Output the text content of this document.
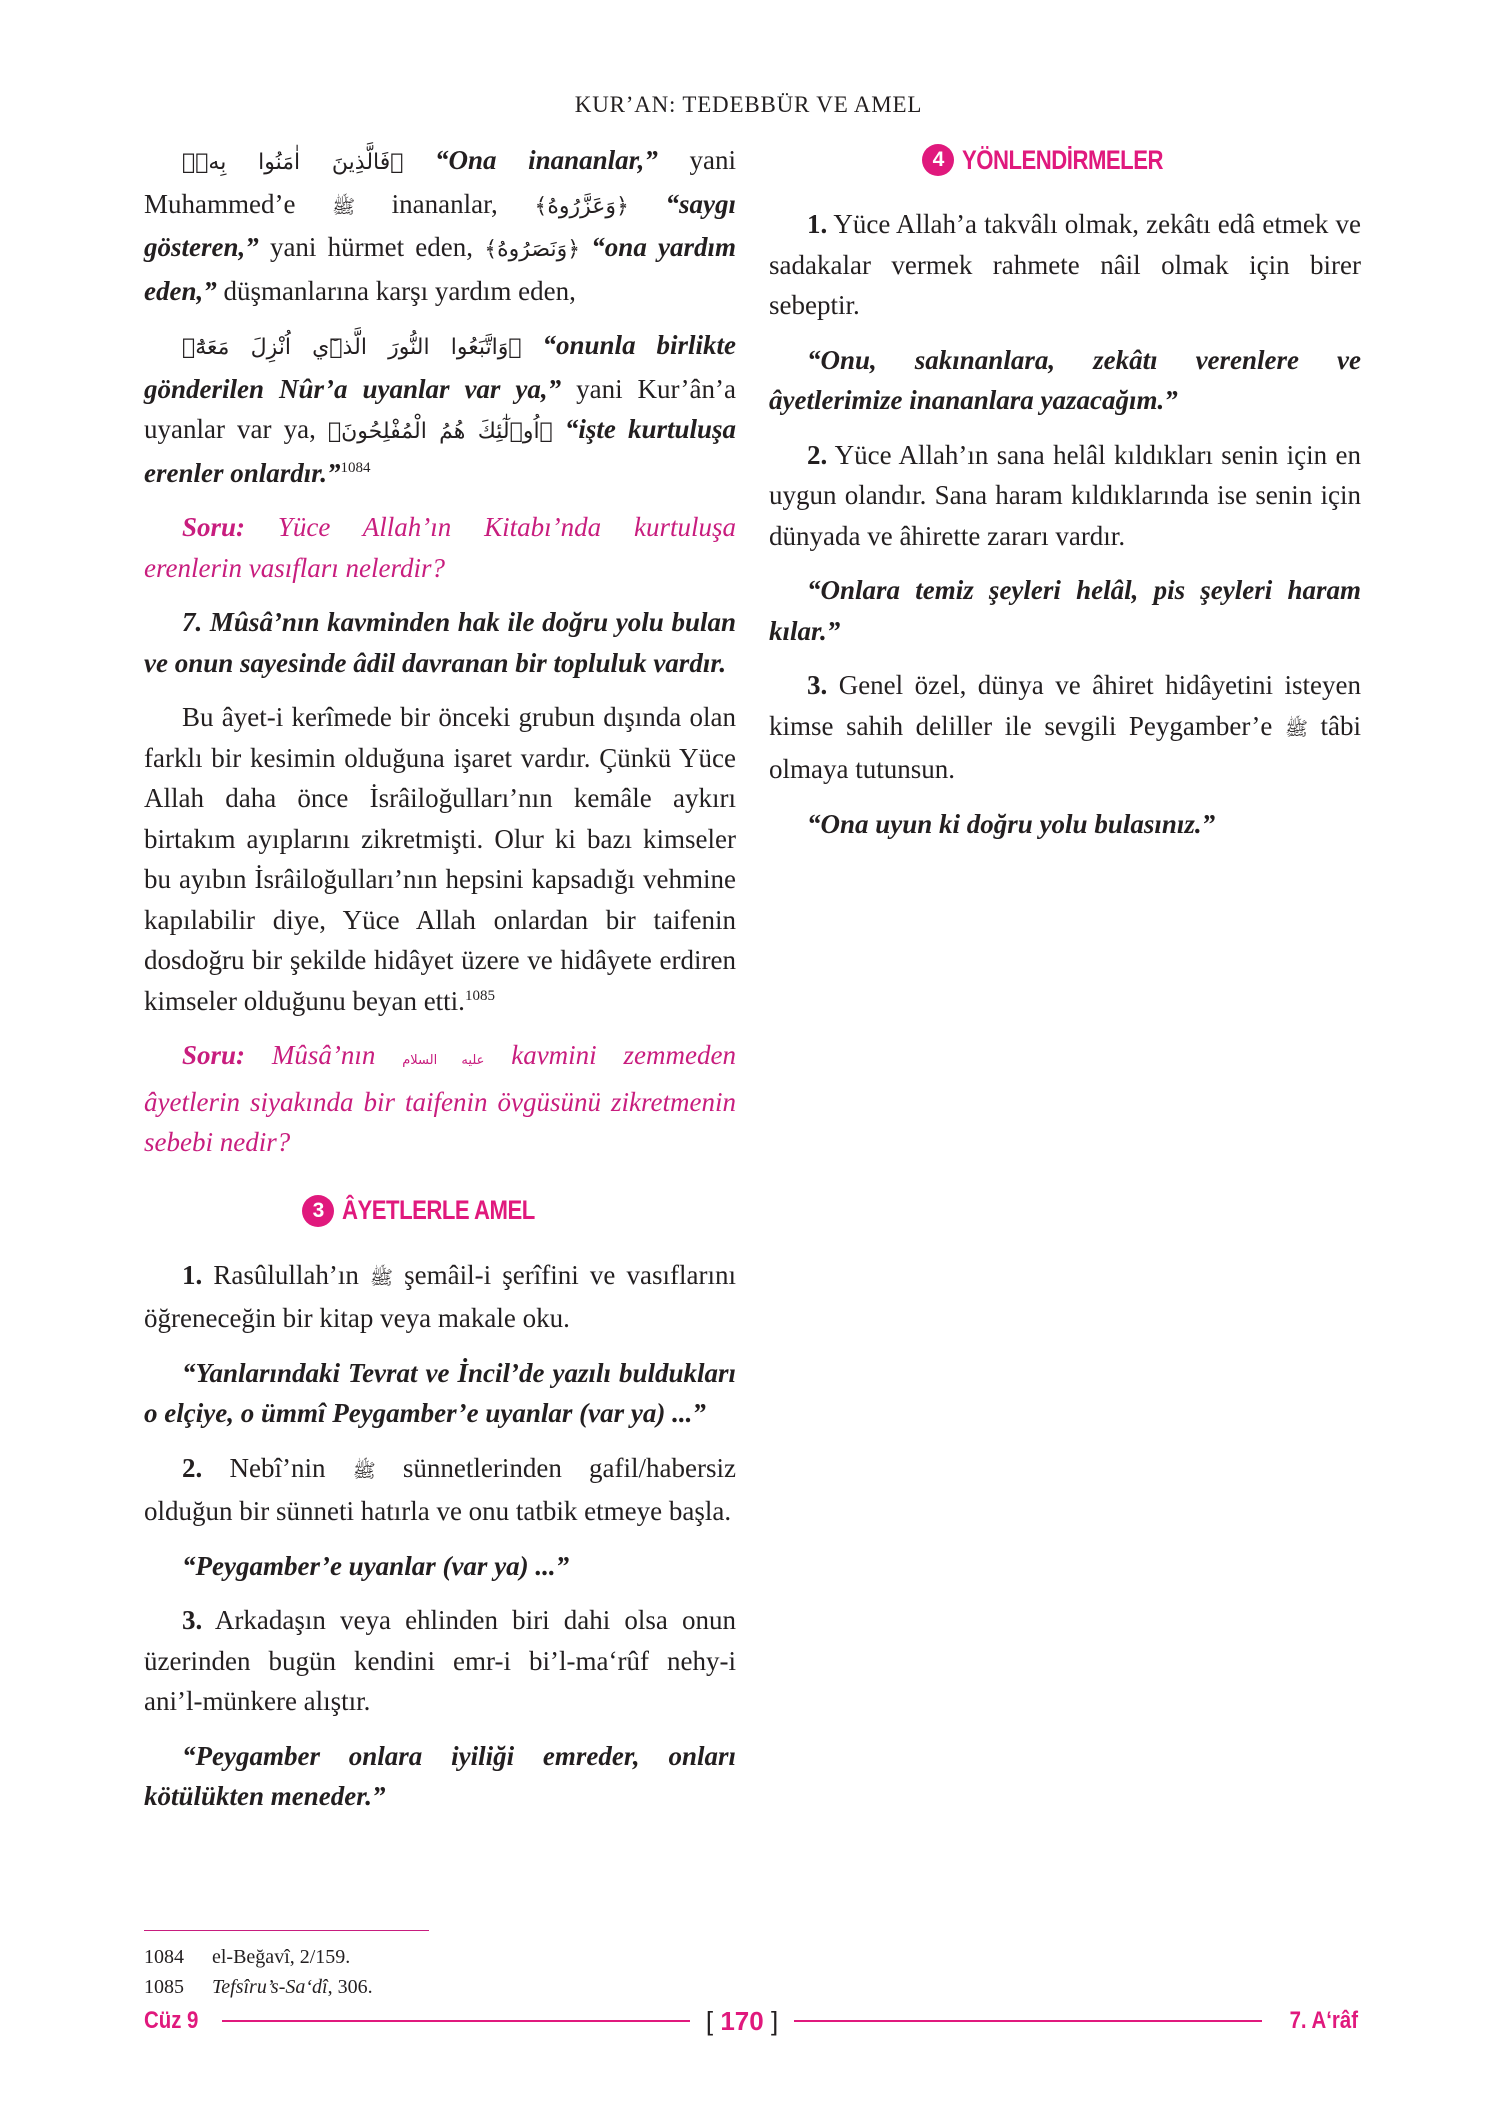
KUR’AN: TEDEBBÜR VE AMEL

﴿فَالَّذِينَ اٰمَنُوا بِهٖ﴾ “Ona inananlar,” yani Muhammed’e ﷺ inananlar, ﴿وَعَزَّرُوهُ﴾ “saygı gösteren,” yani hürmet eden, ﴿وَنَصَرُوهُ﴾ “ona yardım eden,” düşmanlarına karşı yardım eden,

﴿وَاتَّبَعُوا النُّورَ الَّذٖٓي اُنْزِلَ مَعَهُٓ﴾ “onunla birlikte gönderilen Nûr’a uyanlar var ya,” yani Kur’ân’a uyanlar var ya, ﴿اُو۬لٰٓئِكَ هُمُ الْمُفْلِحُونَ﴾ “işte kurtuluşa erenler onlardır.”$^{1084}$

Soru: Yüce Allah’ın Kitabı’nda kurtuluşa erenlerin vasıfları nelerdir?

7. Mûsâ’nın kavminden hak ile doğru yolu bulan ve onun sayesinde âdil davranan bir topluluk vardır.

Bu âyet-i kerîmede bir önceki grubun dışında olan farklı bir kesimin olduğuna işaret vardır. Çünkü Yüce Allah daha önce İsrâiloğulları’nın kemâle aykırı birtakım ayıplarını zikretmişti. Olur ki bazı kimseler bu ayıbın İsrâiloğulları’nın hepsini kapsadığı vehmine kapılabilir diye, Yüce Allah onlardan bir taifenin dosdoğru bir şekilde hidâyet üzere ve hidâyete erdiren kimseler olduğunu beyan etti.$^{1085}$

Soru: Mûsâ’nın عليه السلام kavmini zemmeden âyetlerin siyakında bir taifenin övgüsünü zikretmenin sebebi nedir?

3 ÂYETLERLE AMEL

1. Rasûlullah’ın ﷺ şemâil-i şerîfini ve vasıflarını öğreneceğin bir kitap veya makale oku.

“Yanlarındaki Tevrat ve İncil’de yazılı buldukları o elçiye, o ümmî Peygamber’e uyanlar (var ya) ...”

2. Nebî’nin ﷺ sünnetlerinden gafil/habersiz olduğun bir sünneti hatırla ve onu tatbik etmeye başla.

“Peygamber’e uyanlar (var ya) ...”

3. Arkadaşın veya ehlinden biri dahi olsa onun üzerinden bugün kendini emr-i bi’l-ma‘rûf nehy-i ani’l-münkere alıştır.

“Peygamber onlara iyiliği emreder, onları kötülükten meneder.”

4 YÖNLENDİRMELER

1. Yüce Allah’a takvâlı olmak, zekâtı edâ etmek ve sadakalar vermek rahmete nâil olmak için birer sebeptir.

“Onu, sakınanlara, zekâtı verenlere ve âyetlerimize inananlara yazacağım.”

2. Yüce Allah’ın sana helâl kıldıkları senin için en uygun olandır. Sana haram kıldıklarında ise senin için dünyada ve âhirette zararı vardır.

“Onlara temiz şeyleri helâl, pis şeyleri haram kılar.”

3. Genel özel, dünya ve âhiret hidâyetini isteyen kimse sahih deliller ile sevgili Peygamber’e ﷺ tâbi olmaya tutunsun.

“Ona uyun ki doğru yolu bulasınız.”

1084 el-Beğavî, 2/159.
1085 Tefsîru’s-Sa‘dî, 306.
Cüz 9	[ 170 ]	7. A‘râf
